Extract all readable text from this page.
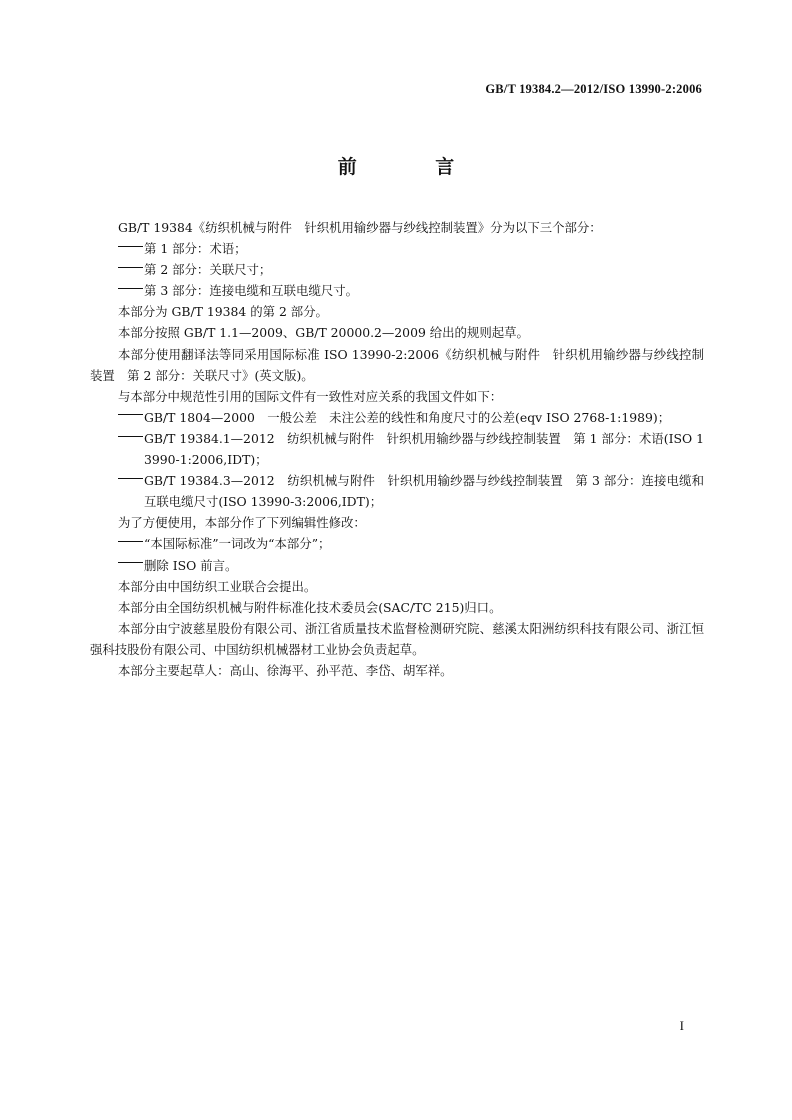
GB/T 19384.2—2012/ISO 13990-2:2006
前 言

GB/T 19384《纺织机械与附件　针织机用输纱器与纱线控制装置》分为以下三个部分：

第 1 部分：术语；

第 2 部分：关联尺寸；

第 3 部分：连接电缆和互联电缆尺寸。

本部分为 GB/T 19384 的第 2 部分。

本部分按照 GB/T 1.1—2009、GB/T 20000.2—2009 给出的规则起草。

本部分使用翻译法等同采用国际标准 ISO 13990-2:2006《纺织机械与附件　针织机用输纱器与纱线控制装置　第 2 部分：关联尺寸》(英文版)。

与本部分中规范性引用的国际文件有一致性对应关系的我国文件如下：

GB/T 1804—2000　一般公差　未注公差的线性和角度尺寸的公差(eqv ISO 2768-1:1989)；

GB/T 19384.1—2012　纺织机械与附件　针织机用输纱器与纱线控制装置　第 1 部分：术语(ISO 13990-1:2006,IDT)；

GB/T 19384.3—2012　纺织机械与附件　针织机用输纱器与纱线控制装置　第 3 部分：连接电缆和互联电缆尺寸(ISO 13990-3:2006,IDT)；

为了方便使用，本部分作了下列编辑性修改：

“本国际标准”一词改为“本部分”；

删除 ISO 前言。

本部分由中国纺织工业联合会提出。

本部分由全国纺织机械与附件标准化技术委员会(SAC/TC 215)归口。

本部分由宁波慈星股份有限公司、浙江省质量技术监督检测研究院、慈溪太阳洲纺织科技有限公司、浙江恒强科技股份有限公司、中国纺织机械器材工业协会负责起草。

本部分主要起草人：高山、徐海平、孙平范、李岱、胡军祥。

I
